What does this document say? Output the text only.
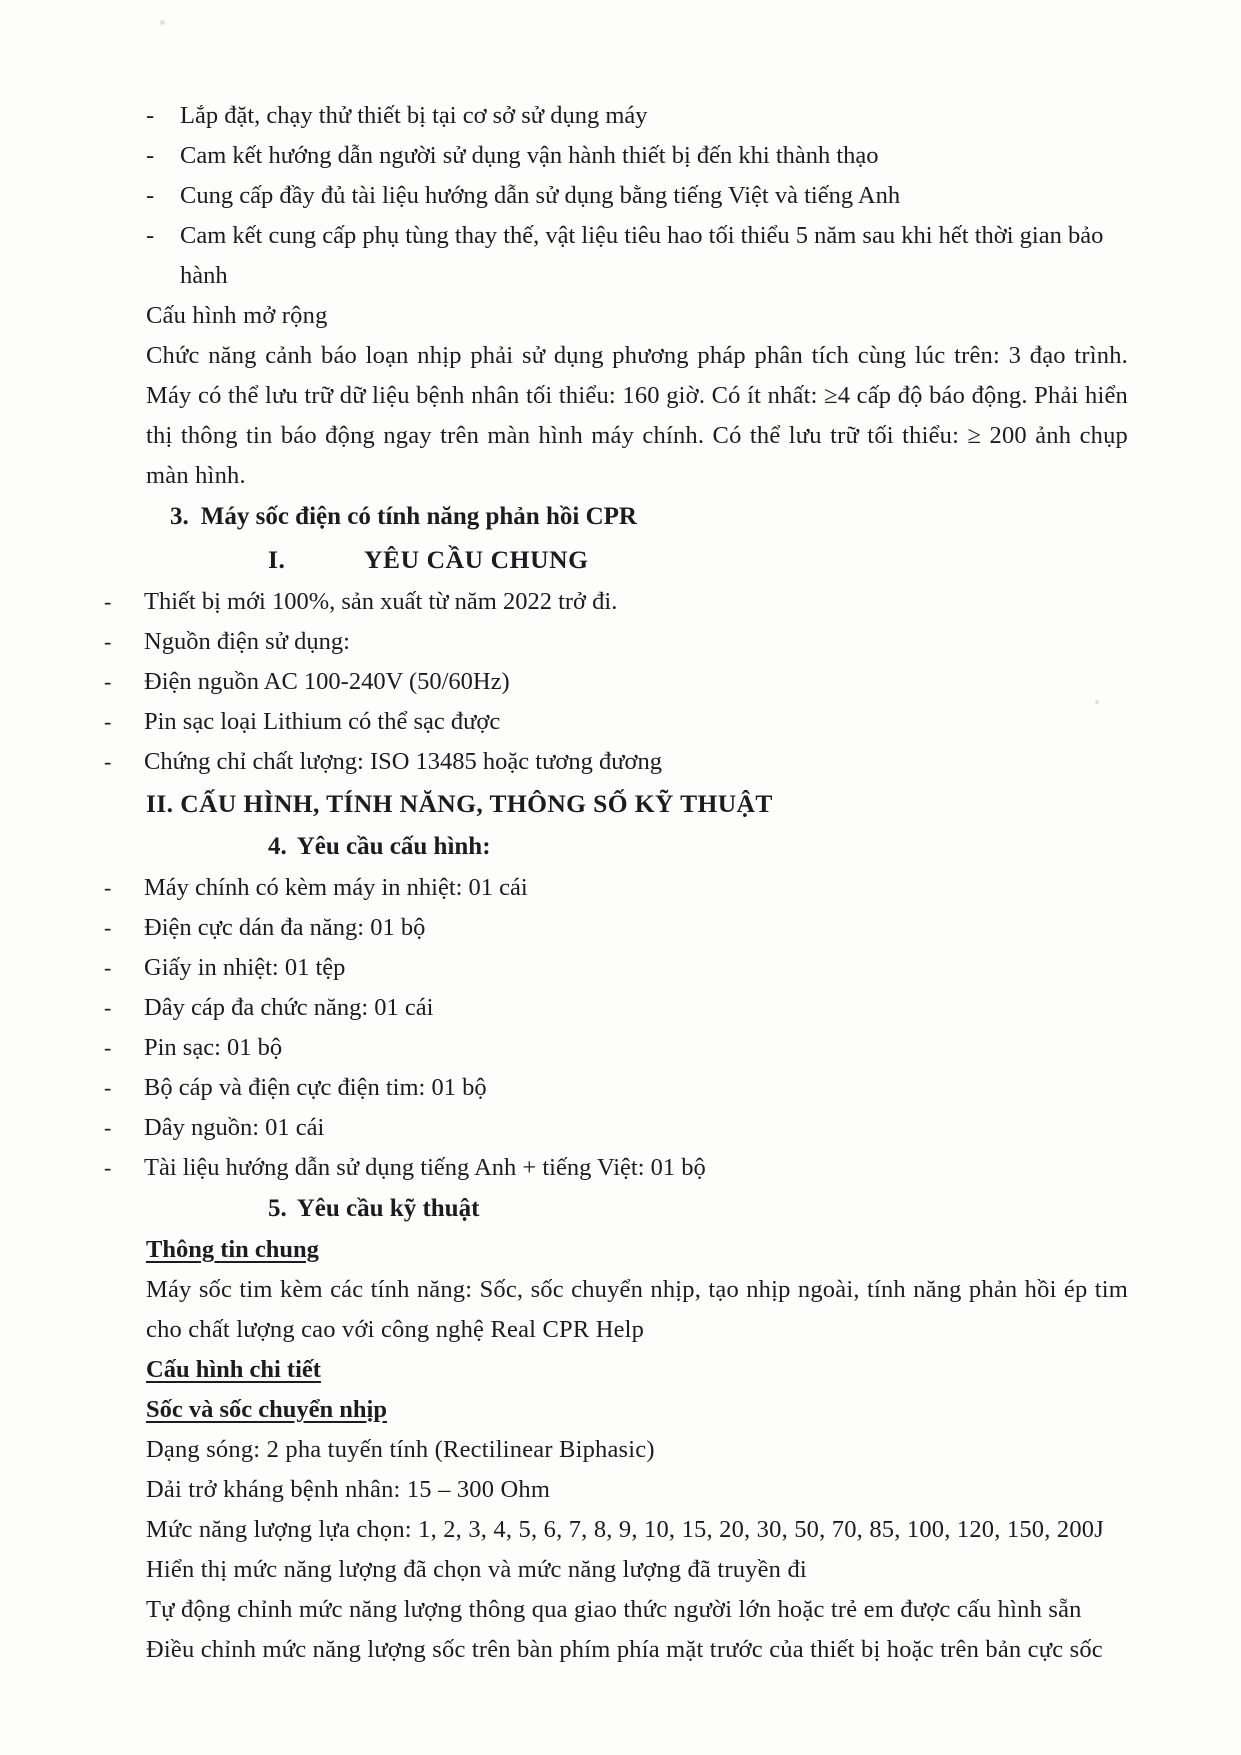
-	Lắp đặt, chạy thử thiết bị tại cơ sở sử dụng máy
-	Cam kết hướng dẫn người sử dụng vận hành thiết bị đến khi thành thạo
-	Cung cấp đầy đủ tài liệu hướng dẫn sử dụng bằng tiếng Việt và tiếng Anh
-	Cam kết cung cấp phụ tùng thay thế, vật liệu tiêu hao tối thiểu 5 năm sau khi hết thời gian bảo hành
Cấu hình mở rộng
Chức năng cảnh báo loạn nhịp phải sử dụng phương pháp phân tích cùng lúc trên: 3 đạo trình. Máy có thể lưu trữ dữ liệu bệnh nhân tối thiểu: 160 giờ. Có ít nhất: ≥4 cấp độ báo động. Phải hiển thị thông tin báo động ngay trên màn hình máy chính. Có thể lưu trữ tối thiểu: ≥ 200 ảnh chụp màn hình.
3. Máy sốc điện có tính năng phản hồi CPR
I.	YÊU CẦU CHUNG
-	Thiết bị mới 100%, sản xuất từ năm 2022 trở đi.
-	Nguồn điện sử dụng:
-	Điện nguồn AC 100-240V (50/60Hz)
-	Pin sạc loại Lithium có thể sạc được
-	Chứng chỉ chất lượng: ISO 13485 hoặc tương đương
II. CẤU HÌNH, TÍNH NĂNG, THÔNG SỐ KỸ THUẬT
4. Yêu cầu cấu hình:
-	Máy chính có kèm máy in nhiệt: 01 cái
-	Điện cực dán đa năng: 01 bộ
-	Giấy in nhiệt: 01 tệp
-	Dây cáp đa chức năng: 01 cái
-	Pin sạc: 01 bộ
-	Bộ cáp và điện cực điện tim: 01 bộ
-	Dây nguồn: 01 cái
-	Tài liệu hướng dẫn sử dụng tiếng Anh + tiếng Việt: 01 bộ
5. Yêu cầu kỹ thuật
Thông tin chung
Máy sốc tim kèm các tính năng: Sốc, sốc chuyển nhịp, tạo nhịp ngoài, tính năng phản hồi ép tim cho chất lượng cao với công nghệ Real CPR Help
Cấu hình chi tiết
Sốc và sốc chuyển nhịp
Dạng sóng: 2 pha tuyến tính (Rectilinear Biphasic)
Dải trở kháng bệnh nhân: 15 – 300 Ohm
Mức năng lượng lựa chọn: 1, 2, 3, 4, 5, 6, 7, 8, 9, 10, 15, 20, 30, 50, 70, 85, 100, 120, 150, 200J
Hiển thị mức năng lượng đã chọn và mức năng lượng đã truyền đi
Tự động chỉnh mức năng lượng thông qua giao thức người lớn hoặc trẻ em được cấu hình sẵn
Điều chỉnh mức năng lượng sốc trên bàn phím phía mặt trước của thiết bị hoặc trên bản cực sốc
